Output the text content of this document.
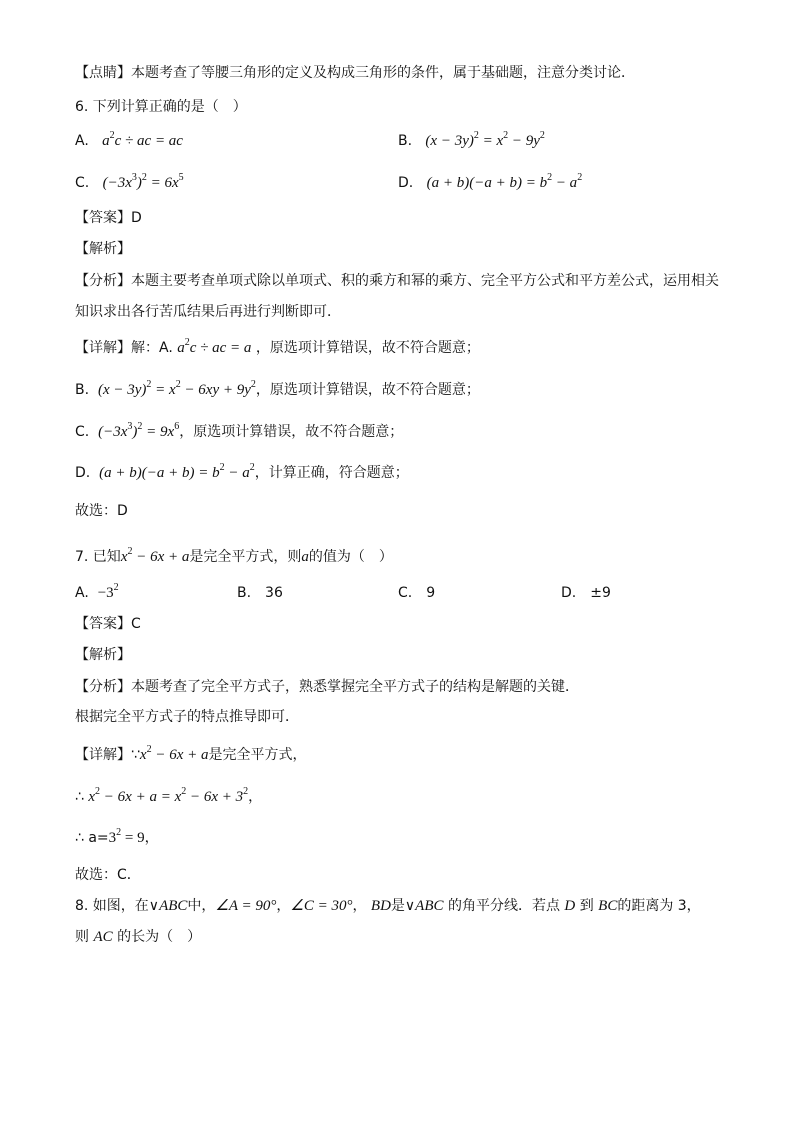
【点睛】本题考查了等腰三角形的定义及构成三角形的条件，属于基础题，注意分类讨论．
6. 下列计算正确的是（　）
A. $a^2c$ ÷ ac = ac	B. $(x - 3y)^2 = x^2 - 9y^2$
C. $(-3x^3)^2 = 6x^5$	D. $(a + b)(-a + b) = b^2 - a^2$
【答案】D
【解析】
【分析】本题主要考查单项式除以单项式、积的乘方和幂的乘方、完全平方公式和平方差公式，运用相关
知识求出各行苦瓜结果后再进行判断即可．
【详解】解：A. $a^2c$ ÷ ac = a ，原选项计算错误，故不符合题意；
B. $(x - 3y)^2 = x^2 - 6xy + 9y^2$，原选项计算错误，故不符合题意；
C. $(-3x^3)^2 = 9x^6$，原选项计算错误，故不符合题意；
D. $(a + b)(-a + b) = b^2 - a^2$，计算正确，符合题意；
故选：D
7. 已知$x^2 - 6x + a$是完全平方式，则a的值为（　）
A. $-3^2$	B.　36	C.　9	D.　±9
【答案】C
【解析】
【分析】本题考查了完全平方式子，熟悉掌握完全平方式子的结构是解题的关键．
根据完全平方式子的特点推导即可．
【详解】$\because x^2 - 6x + a$是完全平方式，
∴ $x^2 - 6x + a = x^2 - 6x + 3^2$，
∴ $a=3^2 = 9$，
故选：C．
8. 如图，在∨ABC中，∠A = 90°，∠C = 30°， BD是∨ABC 的角平分线．若点 D 到 BC的距离为 3，
则 AC 的长为（　）
